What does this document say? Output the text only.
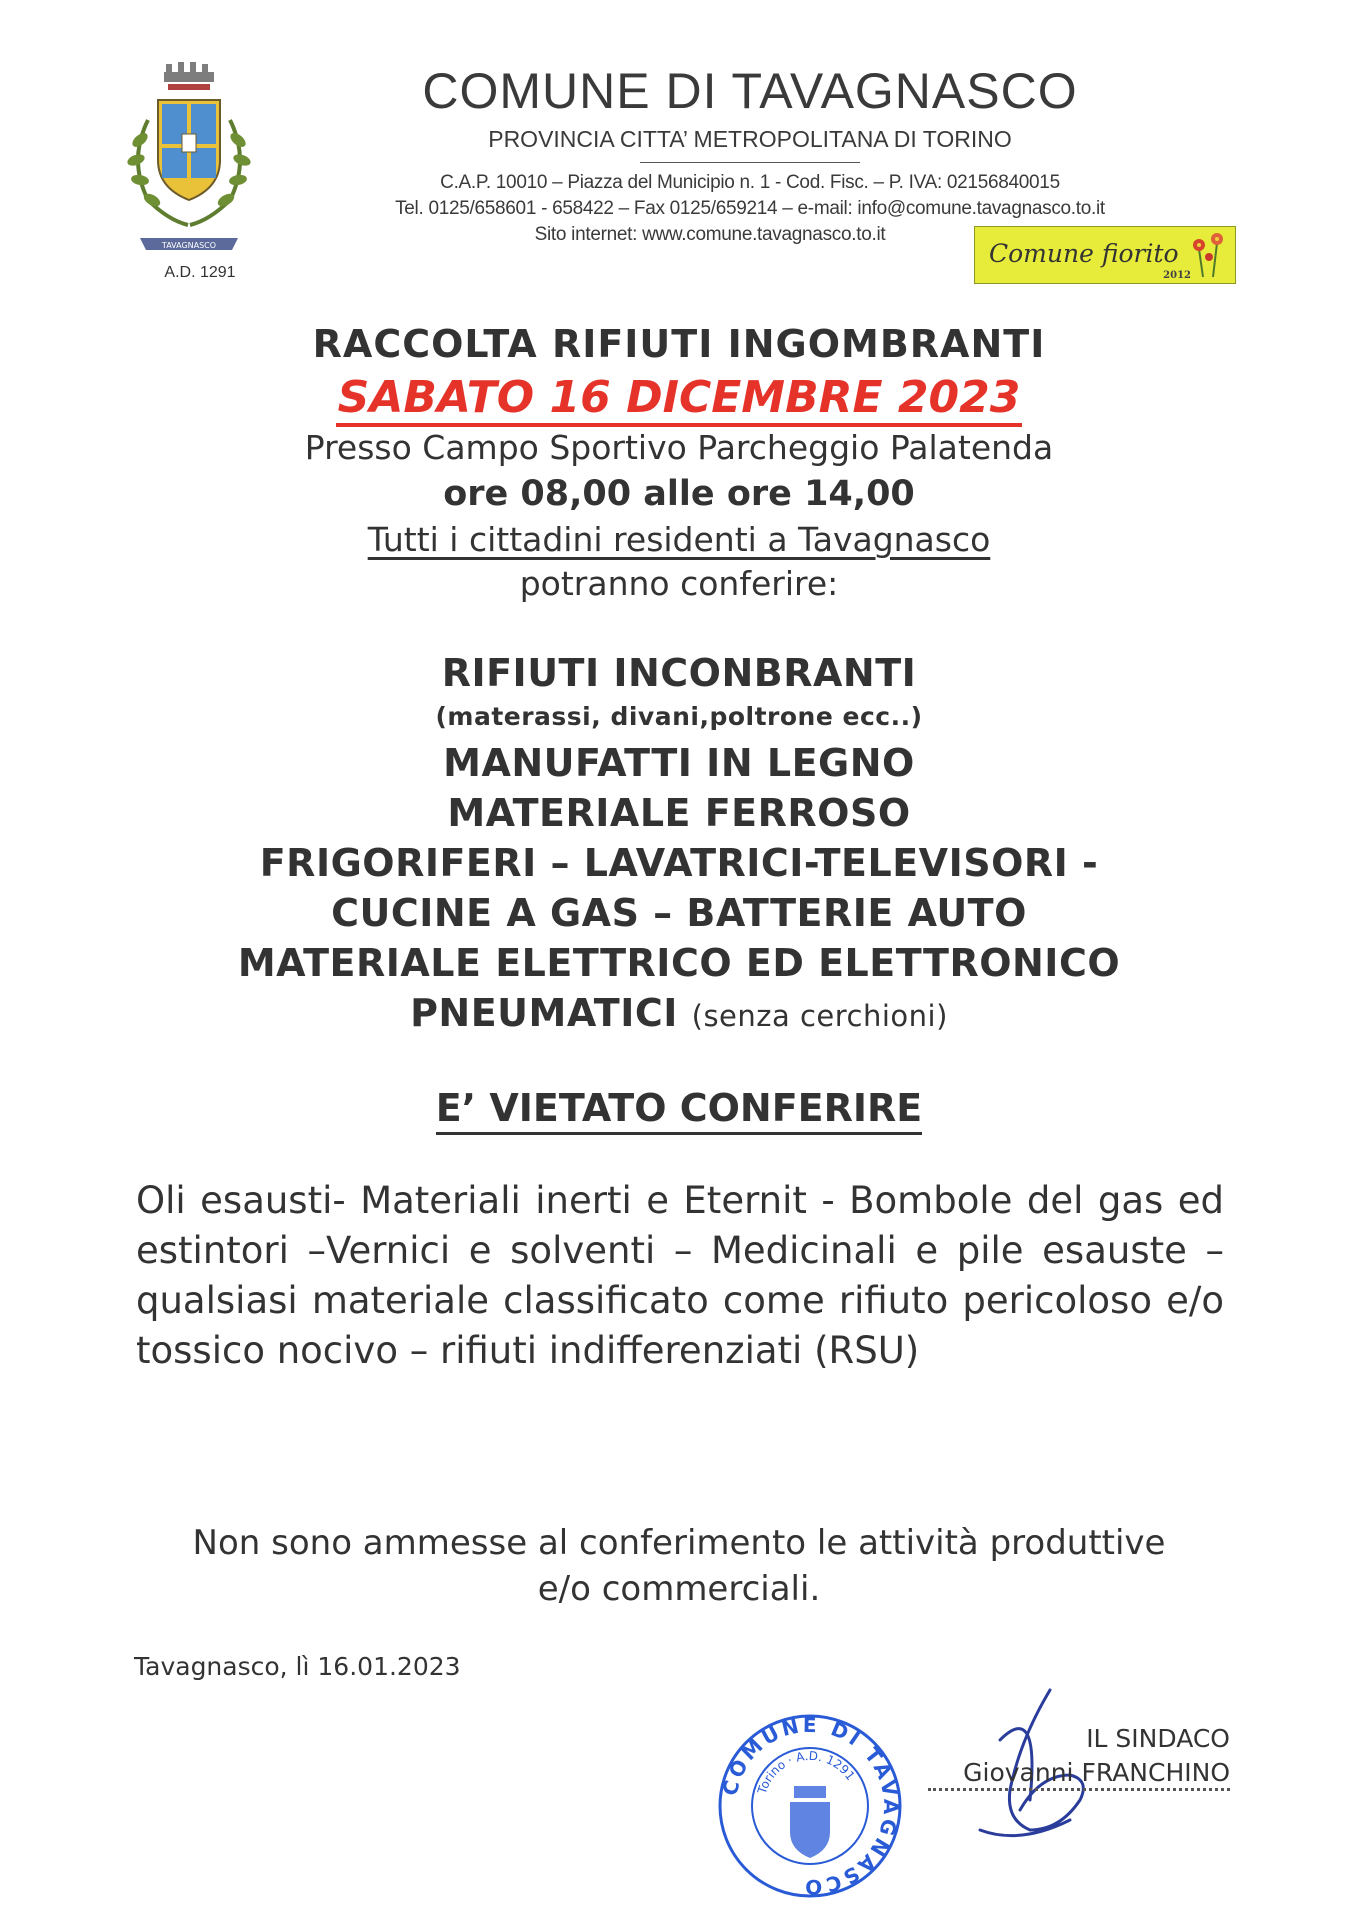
TAVAGNASCO
A.D. 1291
COMUNE DI TAVAGNASCO
PROVINCIA CITTA’ METROPOLITANA DI TORINO
C.A.P. 10010 – Piazza del Municipio n. 1 - Cod. Fisc. – P. IVA: 02156840015
Tel. 0125/658601 - 658422 – Fax 0125/659214 – e-mail: info@comune.tavagnasco.to.it
Sito internet: www.comune.tavagnasco.to.it
Comune fiorito
2012
RACCOLTA RIFIUTI INGOMBRANTI
SABATO 16 DICEMBRE 2023
Presso Campo Sportivo Parcheggio Palatenda
ore 08,00 alle ore 14,00
Tutti i cittadini residenti a Tavagnasco
potranno conferire:
RIFIUTI INCONBRANTI
(materassi, divani,poltrone ecc..)
MANUFATTI IN LEGNO
MATERIALE FERROSO
FRIGORIFERI – LAVATRICI-TELEVISORI -
CUCINE A GAS – BATTERIE AUTO
MATERIALE ELETTRICO ED ELETTRONICO
PNEUMATICI (senza cerchioni)
E’ VIETATO CONFERIRE
Oli esausti- Materiali inerti e Eternit - Bombole del gas ed estintori –Vernici e solventi – Medicinali e pile esauste – qualsiasi materiale classificato come rifiuto pericoloso e/o tossico nocivo – rifiuti indifferenziati (RSU)
Non sono ammesse al conferimento le attività produttive
e/o commerciali.
Tavagnasco, lì 16.01.2023
COMUNE DI TAVAGNASCO
Torino · A.D. 1291
IL SINDACO
Giovanni FRANCHINO
